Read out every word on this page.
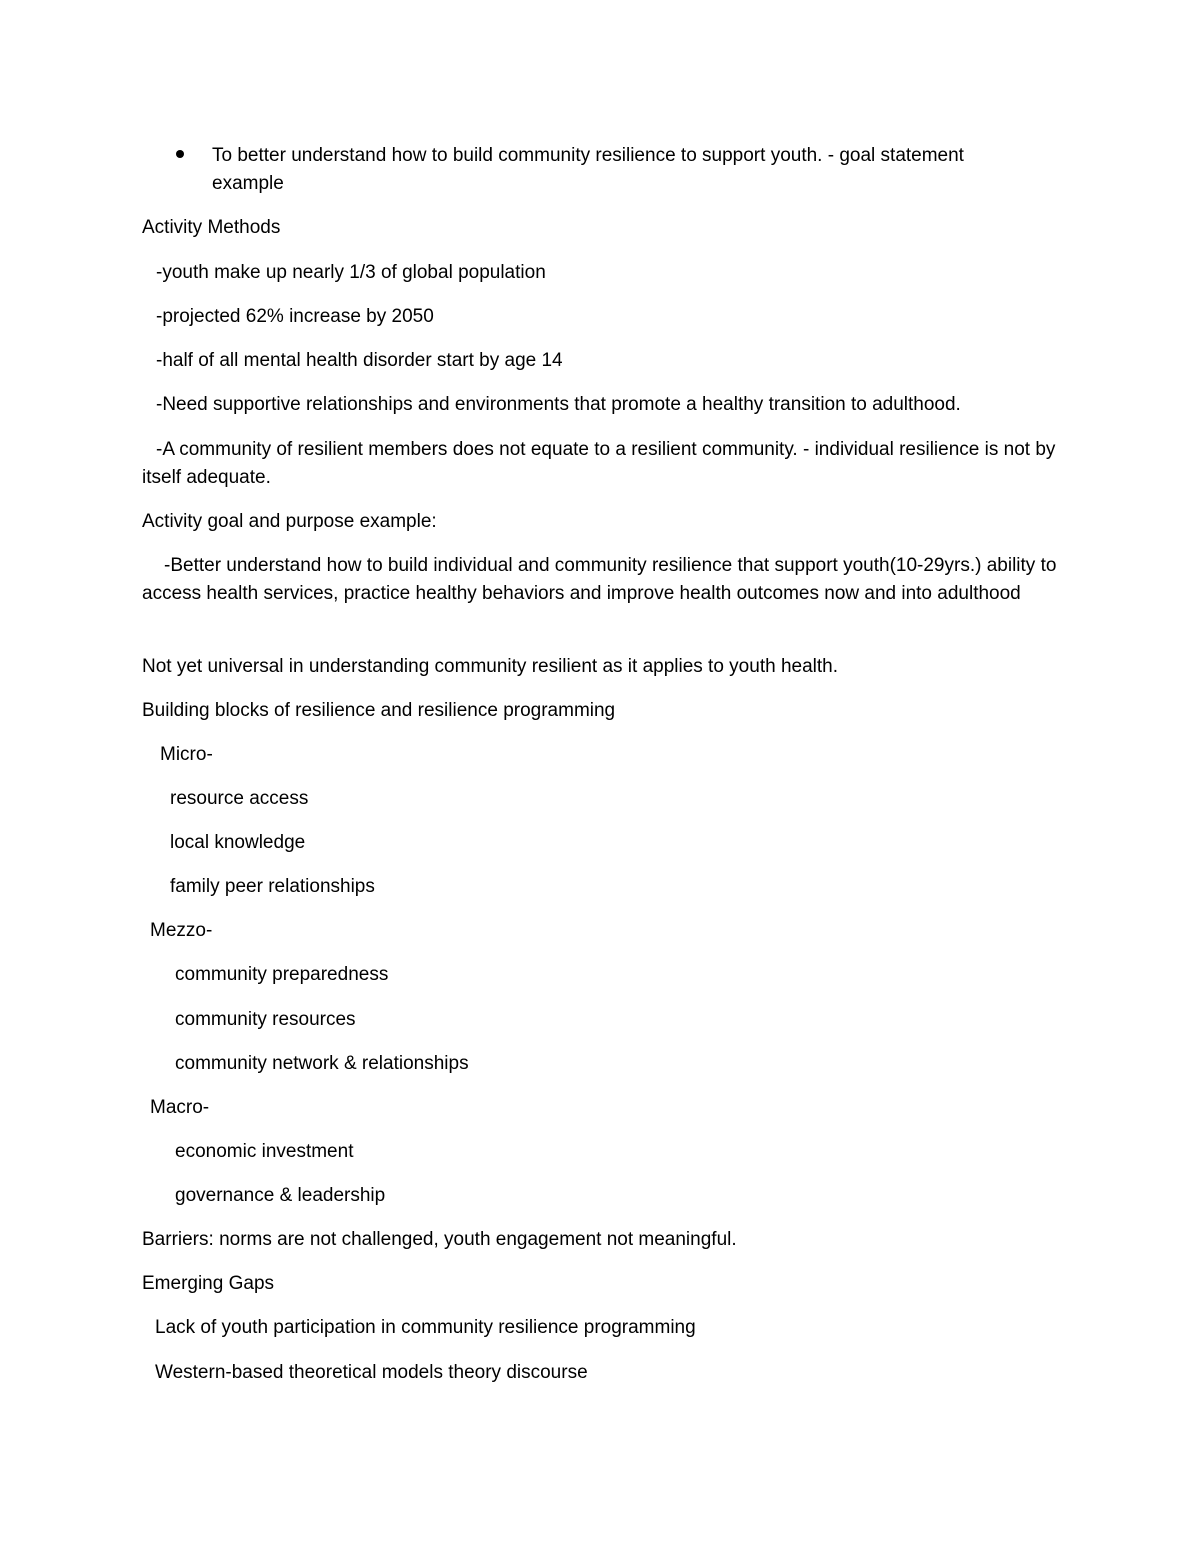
To better understand how to build community resilience to support youth. - goal statement example
Activity Methods
-youth make up nearly 1/3 of global population
-projected 62% increase by 2050
-half of all mental health disorder start by age 14
-Need supportive relationships and environments that promote a healthy transition to adulthood.
-A community of resilient members does not equate to a resilient community. - individual resilience is not by itself adequate.
Activity goal and purpose example:
-Better understand how to build individual and community resilience that support youth(10-29yrs.) ability to access health services, practice healthy behaviors and improve health outcomes now and into adulthood
Not yet universal in understanding community resilient as it applies to youth health.
Building blocks of resilience and resilience programming
Micro-
resource access
local knowledge
family peer relationships
Mezzo-
community preparedness
community resources
community network & relationships
Macro-
economic investment
governance & leadership
Barriers: norms are not challenged, youth engagement not meaningful.
Emerging Gaps
Lack of youth participation in community resilience programming
Western-based theoretical models theory discourse
